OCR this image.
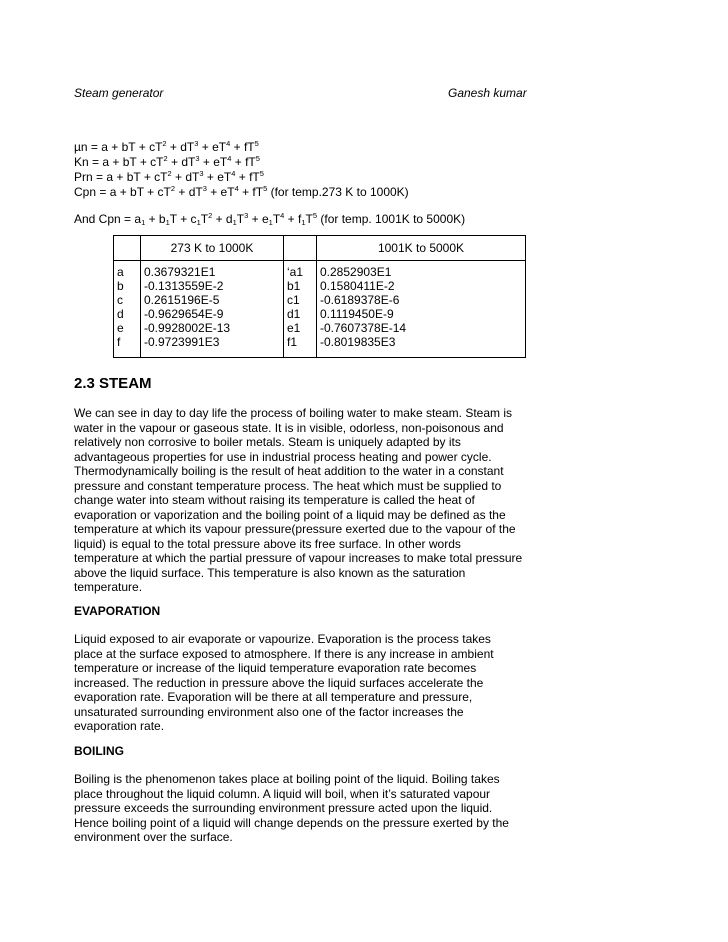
Steam generator	Ganesh kumar
µn = a + bT + $cT^2 + dT^3 + eT^4 + fT^5$
Kn = a + bT + $cT^2 + dT^3 + eT^4 + fT^5$
Prn = a + bT + $cT^2 + dT^3 + eT^4 + fT^5$
Cpn = a + bT + $cT^2 + dT^3 + eT^4 + fT^5$ (for temp.273 K to 1000K)
And Cpn = $a_1 + b_1T + c_1T^2 + d_1T^3 + e_1T^4 + f_1T^5$ (for temp. 1001K to 5000K)
	273 K to 1000K		1001K to 5000K
a	0.3679321E1	‘a1	0.2852903E1
b	-0.1313559E-2	b1	0.1580411E-2
c	0.2615196E-5	c1	-0.6189378E-6
d	-0.9629654E-9	d1	0.1119450E-9
e	-0.9928002E-13	e1	-0.7607378E-14
f	-0.9723991E3	f1	-0.8019835E3
2.3 STEAM
We can see in day to day life the process of boiling water to make steam. Steam is
water in the vapour or gaseous state. It is in visible, odorless, non-poisonous and
relatively non corrosive to boiler metals. Steam is uniquely adapted by its
advantageous properties for use in industrial process heating and power cycle.
Thermodynamically boiling is the result of heat addition to the water in a constant
pressure and constant temperature process. The heat which must be supplied to
change water into steam without raising its temperature is called the heat of
evaporation or vaporization and the boiling point of a liquid may be defined as the
temperature at which its vapour pressure(pressure exerted due to the vapour of the
liquid) is equal to the total pressure above its free surface. In other words
temperature at which the partial pressure of vapour increases to make total pressure
above the liquid surface. This temperature is also known as the saturation
temperature.
EVAPORATION
Liquid exposed to air evaporate or vapourize. Evaporation is the process takes
place at the surface exposed to atmosphere. If there is any increase in ambient
temperature or increase of the liquid temperature evaporation rate becomes
increased. The reduction in pressure above the liquid surfaces accelerate the
evaporation rate. Evaporation will be there at all temperature and pressure,
unsaturated surrounding environment also one of the factor increases the
evaporation rate.
BOILING
Boiling is the phenomenon takes place at boiling point of the liquid. Boiling takes
place throughout the liquid column. A liquid will boil, when it’s saturated vapour
pressure exceeds the surrounding environment pressure acted upon the liquid.
Hence boiling point of a liquid will change depends on the pressure exerted by the
environment over the surface.
